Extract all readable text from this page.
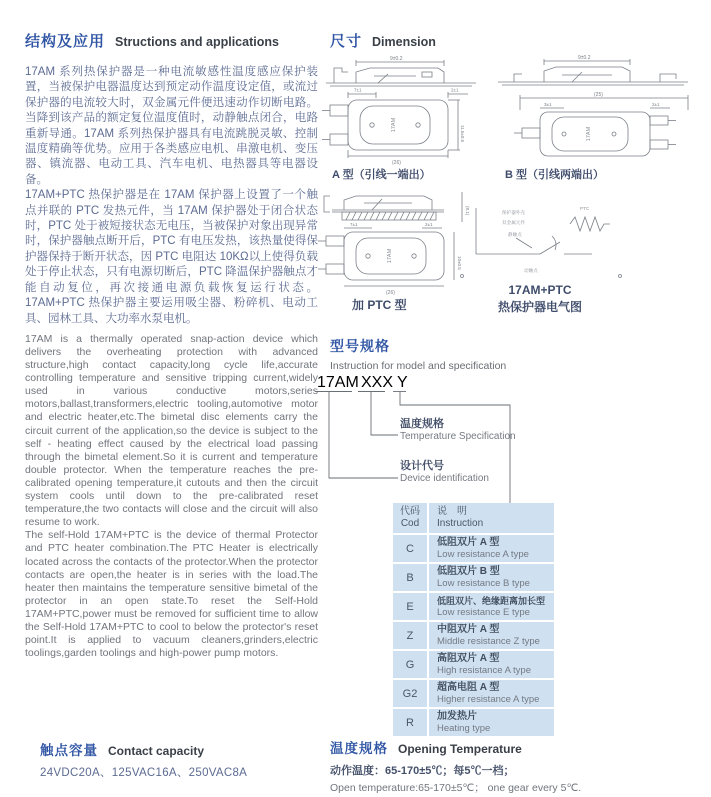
结构及应用 Structions and applications

17AM 系列热保护器是一种电流敏感性温度感应保护装置，当被保护电器温度达到预定动作温度设定值，或流过保护器的电流较大时，双金属元件便迅速动作切断电路。当降到该产品的额定复位温度值时，动静触点闭合，电路重新导通。17AM 系列热保护器具有电流跳脱灵敏、控制温度精确等优势。应用于各类感应电机、串激电机、变压器、镇流器、电动工具、汽车电机、电热器具等电器设备。

17AM+PTC 热保护器是在 17AM 保护器上设置了一个触点并联的 PTC 发热元件，当 17AM 保护器处于闭合状态时，PTC 处于被短接状态无电压，当被保护对象出现异常时，保护器触点断开后，PTC 有电压发热，该热量使得保护器保持于断开状态，因 PTC 电阻达 10KΩ以上使得负载处于停止状态，只有电源切断后，PTC 降温保护器触点才能自动复位，再次接通电源负载恢复运行状态。17AM+PTC 热保护器主要运用吸尘器、粉碎机、电动工具、园林工具、大功率水泵电机。

17AM is a thermally operated snap-action device which delivers the overheating protection with advanced structure,high contact capacity,long cycle life,accurate controlling temperature and sensitive tripping current,widely used in various conductive motors,series motors,ballast,transformers,electric tooling,automotive motor and electric heater,etc.The bimetal disc elements carry the circuit current of the application,so the device is subject to the self - heating effect caused by the electrical load passing through the bimetal element.So it is current and temperature double protector. When the temperature reaches the pre-calibrated opening temperature,it cutouts and then the circuit system cools until down to the pre-calibrated reset temperature,the two contacts will close and the circuit will also resume to work.

The self-Hold 17AM+PTC is the device of thermal Protector and PTC heater combination.The PTC Heater is electrically located across the contacts of the protector.When the protector contacts are open,the heater is in series with the load.The heater then maintains the temperature sensitive bimetal of the protector in an open state.To reset the Self-Hold 17AM+PTC,power must be removed for sufficient time to allow the Self-Hold 17AM+PTC to cool to below the protector's reset point.It is applied to vacuum cleaners,grinders,electric toolings,garden toolings and high-power pump motors.

尺寸 Dimension
9±0.2
7±1	2±1
17AM	11.5±0.5
(26)
A 型（引线一端出）
9±0.2
(25)
3±1	2±1
17AM
B 型（引线两端出）
(8.1)
7±1	2±1
17AM	10±0.5
(26)
加 PTC 型
保护器外壳
双金属元件
静触点
动触点
PTC
17AM+PTC
热保护器电气图
型号规格
Instruction for model and specification
17AM XXX Y
温度规格
Temperature Specification
设计代号
Device identification
代码
Cod
说　明
Instruction
C	低阻双片 A 型
Low resistance A type
B	低阻双片 B 型
Low resistance B type
E	低阻双片、绝缘距离加长型
Low resistance E type
Z	中阻双片 A 型
Middle resistance Z type
G	高阻双片 A 型
High resistance A type
G2	超高电阻 A 型
Higher resistance A type
R	加发热片
Heating type
触点容量 Contact capacity
24VDC20A、125VAC16A、250VAC8A
温度规格 Opening Temperature
动作温度：65-170±5℃；每5℃一档；
Open temperature:65-170±5℃； one gear every 5℃.
